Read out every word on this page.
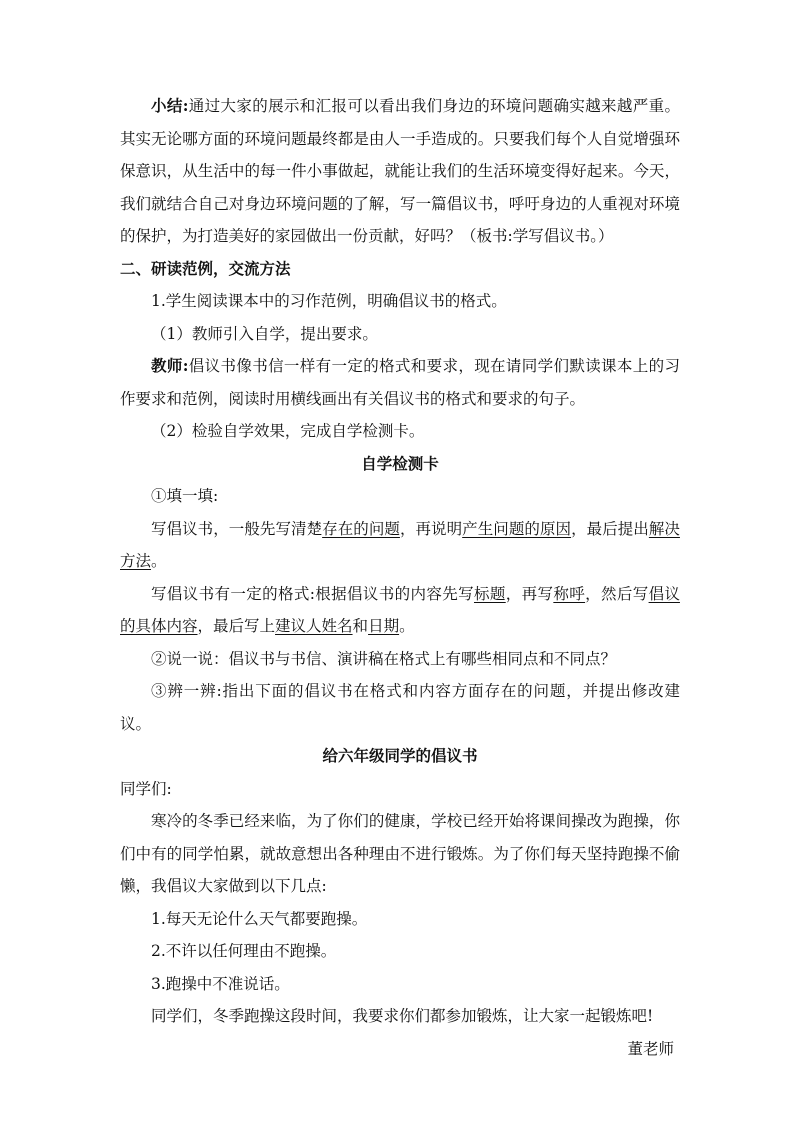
小结:通过大家的展示和汇报可以看出我们身边的环境问题确实越来越严重。其实无论哪方面的环境问题最终都是由人一手造成的。只要我们每个人自觉增强环保意识，从生活中的每一件小事做起，就能让我们的生活环境变得好起来。今天，我们就结合自己对身边环境问题的了解，写一篇倡议书，呼吁身边的人重视对环境的保护，为打造美好的家园做出一份贡献，好吗？（板书:学写倡议书。）

二、研读范例，交流方法

1.学生阅读课本中的习作范例，明确倡议书的格式。

（1）教师引入自学，提出要求。

教师:倡议书像书信一样有一定的格式和要求，现在请同学们默读课本上的习作要求和范例，阅读时用横线画出有关倡议书的格式和要求的句子。

（2）检验自学效果，完成自学检测卡。

自学检测卡

①填一填:

写倡议书，一般先写清楚存在的问题，再说明产生问题的原因，最后提出解决方法。

写倡议书有一定的格式:根据倡议书的内容先写标题，再写称呼，然后写倡议的具体内容，最后写上建议人姓名和日期。

②说一说：倡议书与书信、演讲稿在格式上有哪些相同点和不同点？

③辨一辨:指出下面的倡议书在格式和内容方面存在的问题，并提出修改建议。

给六年级同学的倡议书

同学们:

寒冷的冬季已经来临，为了你们的健康，学校已经开始将课间操改为跑操，你们中有的同学怕累，就故意想出各种理由不进行锻炼。为了你们每天坚持跑操不偷懒，我倡议大家做到以下几点:

1.每天无论什么天气都要跑操。

2.不许以任何理由不跑操。

3.跑操中不准说话。

同学们，冬季跑操这段时间，我要求你们都参加锻炼，让大家一起锻炼吧!

董老师
